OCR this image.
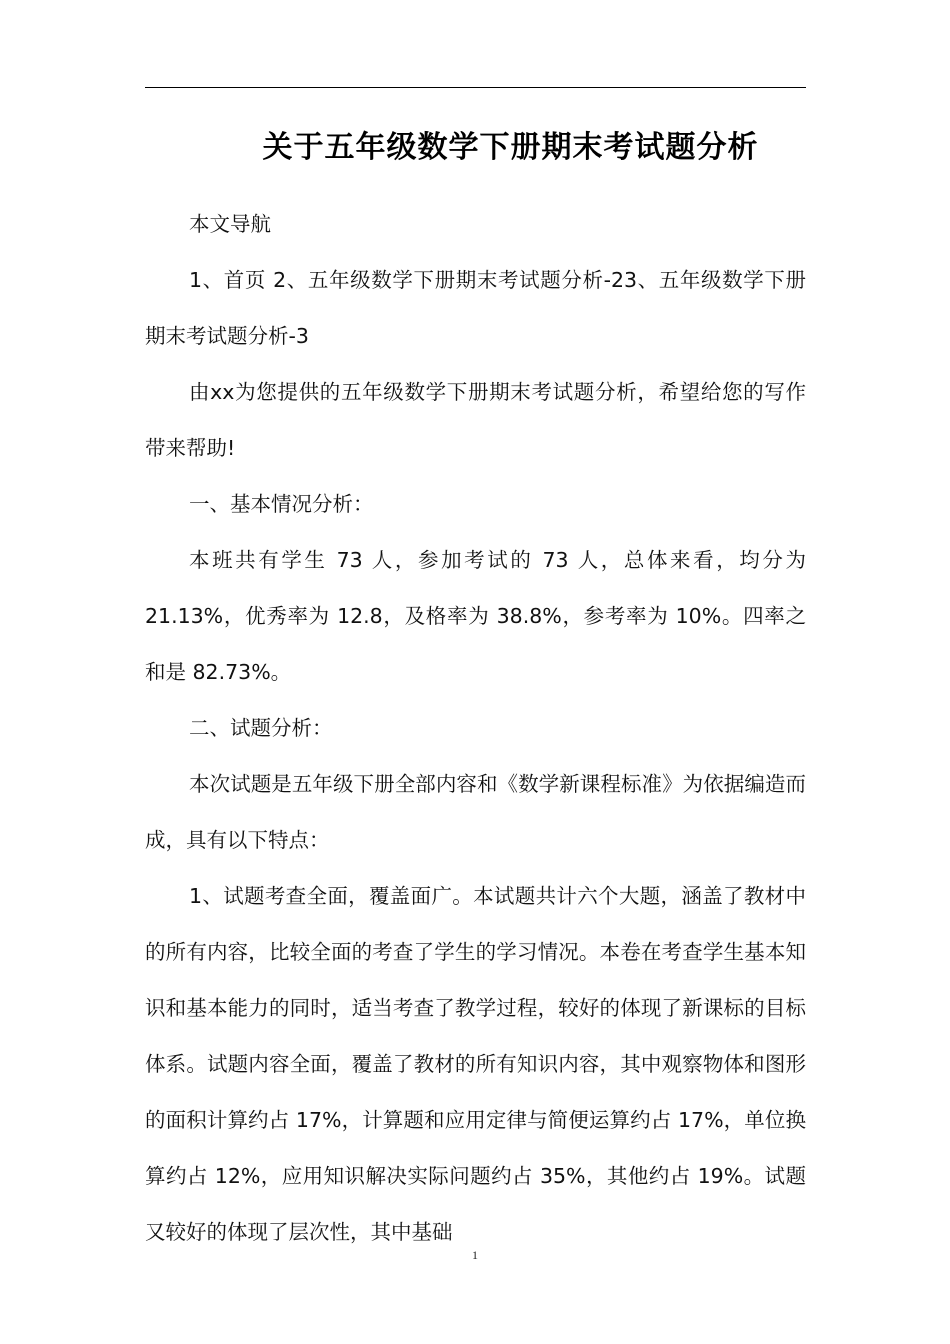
关于五年级数学下册期末考试题分析

本文导航

1、首页 2、五年级数学下册期末考试题分析-23、五年级数学下册期末考试题分析-3

由xx为您提供的五年级数学下册期末考试题分析，希望给您的写作带来帮助!

一、基本情况分析：

本班共有学生 73 人，参加考试的 73 人，总体来看，均分为21.13%，优秀率为 12.8，及格率为 38.8%，参考率为 10%。四率之和是 82.73%。

二、试题分析：

本次试题是五年级下册全部内容和《数学新课程标准》为依据编造而成，具有以下特点：

1、试题考查全面，覆盖面广。本试题共计六个大题，涵盖了教材中的所有内容，比较全面的考查了学生的学习情况。本卷在考查学生基本知识和基本能力的同时，适当考查了教学过程，较好的体现了新课标的目标体系。试题内容全面，覆盖了教材的所有知识内容，其中观察物体和图形的面积计算约占 17%，计算题和应用定律与简便运算约占 17%，单位换算约占 12%，应用知识解决实际问题约占 35%，其他约占 19%。试题又较好的体现了层次性，其中基础

1
